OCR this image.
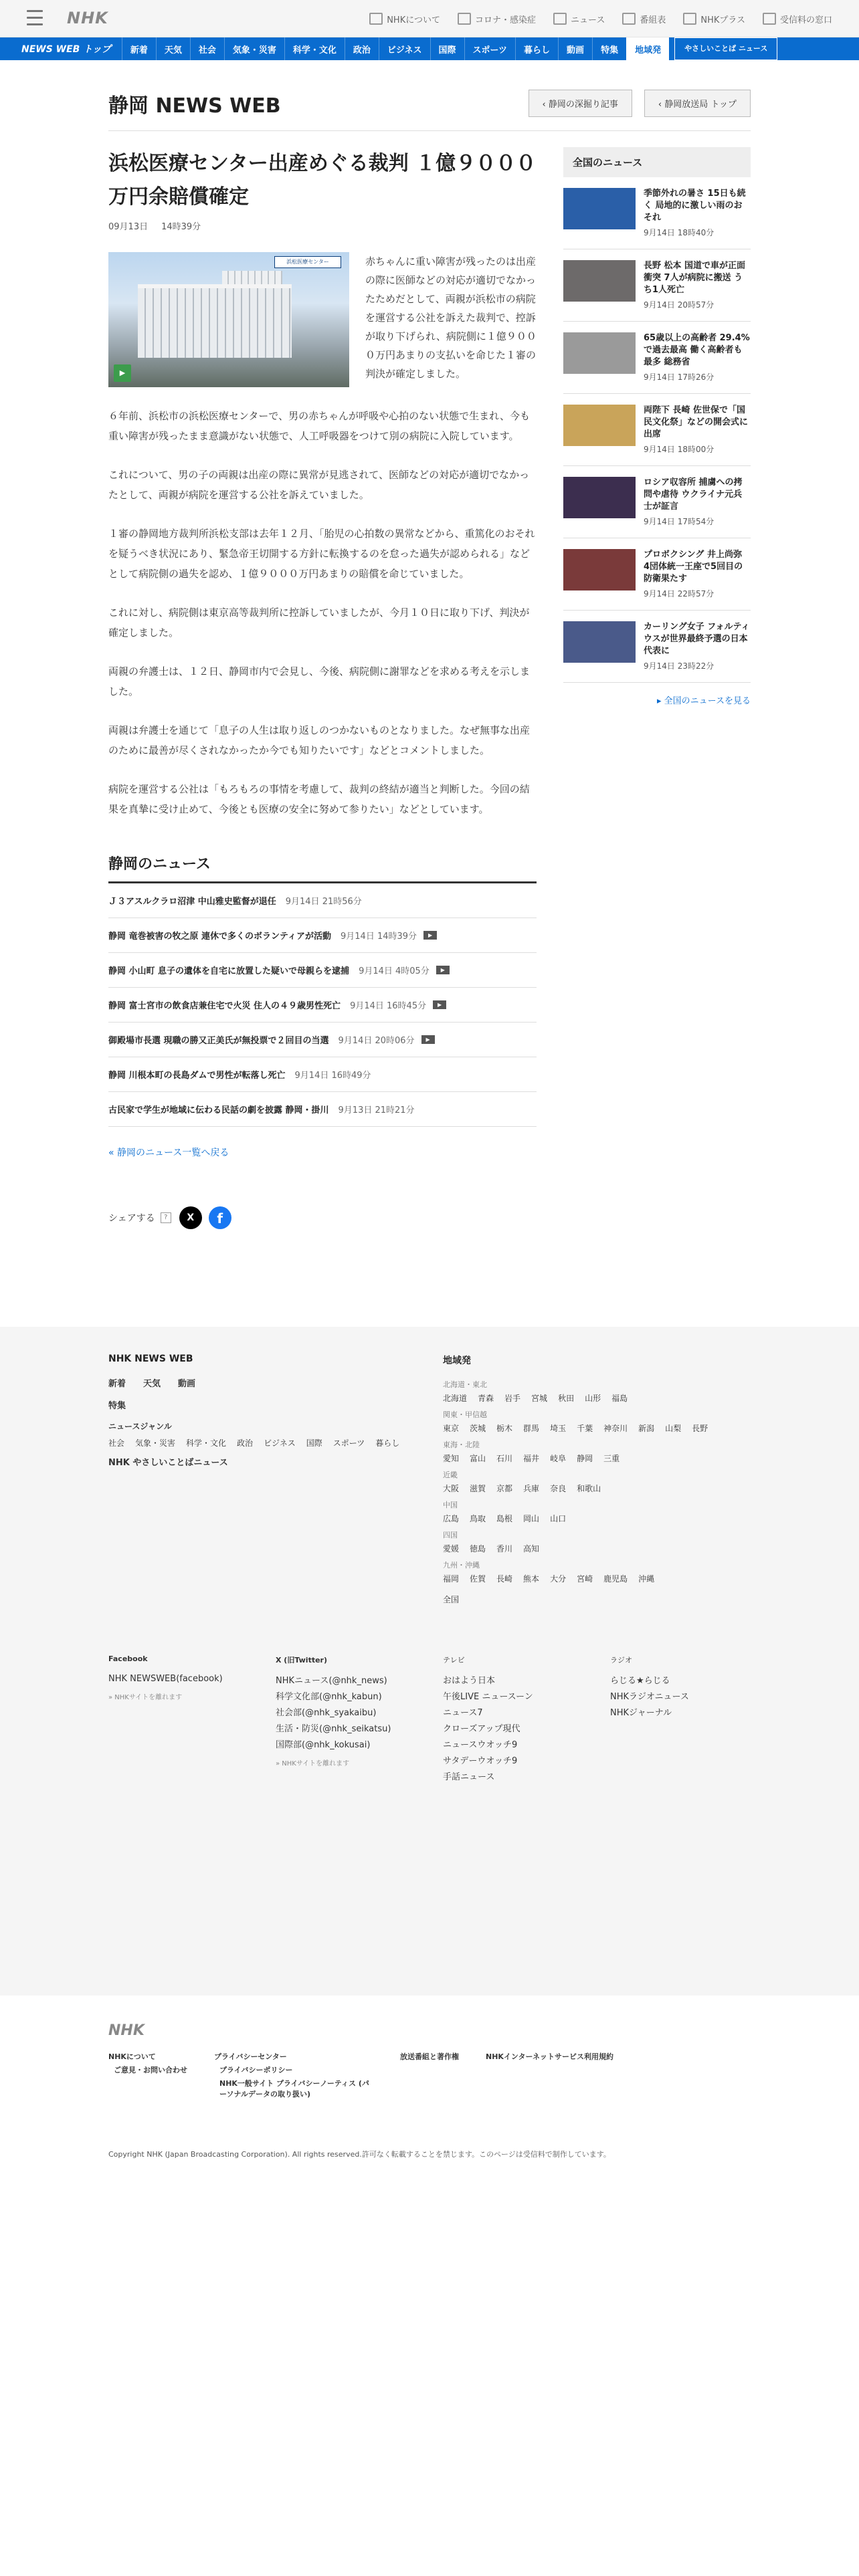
NHK	NHKについて	コロナ・感染症	ニュース	番組表	NHKプラス	受信料の窓口
NEWS WEB トップ	新着	天気	社会	気象・災害	科学・文化	政治	ビジネス	国際	スポーツ	暮らし	動画	特集	地域発	やさしいことば ニュース
静岡 NEWS WEB	‹ 静岡の深掘り記事	‹ 静岡放送局 トップ
浜松医療センター出産めぐる裁判 １億９０００万円余賠償確定
09月13日 14時39分
浜松医療センター
▶

赤ちゃんに重い障害が残ったのは出産の際に医師などの対応が適切でなかったためだとして、両親が浜松市の病院を運営する公社を訴えた裁判で、控訴が取り下げられ、病院側に１億９０００万円あまりの支払いを命じた１審の判決が確定しました。

６年前、浜松市の浜松医療センターで、男の赤ちゃんが呼吸や心拍のない状態で生まれ、今も重い障害が残ったまま意識がない状態で、人工呼吸器をつけて別の病院に入院しています。

これについて、男の子の両親は出産の際に異常が見逃されて、医師などの対応が適切でなかったとして、両親が病院を運営する公社を訴えていました。

１審の静岡地方裁判所浜松支部は去年１２月、「胎児の心拍数の異常などから、重篤化のおそれを疑うべき状況にあり、緊急帝王切開する方針に転換するのを怠った過失が認められる」などとして病院側の過失を認め、１億９０００万円あまりの賠償を命じていました。

これに対し、病院側は東京高等裁判所に控訴していましたが、今月１０日に取り下げ、判決が確定しました。

両親の弁護士は、１２日、静岡市内で会見し、今後、病院側に謝罪などを求める考えを示しました。

両親は弁護士を通じて「息子の人生は取り返しのつかないものとなりました。なぜ無事な出産のために最善が尽くされなかったか今でも知りたいです」などとコメントしました。

病院を運営する公社は「もろもろの事情を考慮して、裁判の終結が適当と判断した。今回の結果を真摯に受け止めて、今後とも医療の安全に努めて参りたい」などとしています。

静岡のニュース
Ｊ３アスルクラロ沼津 中山雅史監督が退任 9月14日 21時56分
静岡 竜巻被害の牧之原 連休で多くのボランティアが活動 9月14日 14時39分	▶
静岡 小山町 息子の遺体を自宅に放置した疑いで母親らを逮捕 9月14日 4時05分	▶
静岡 富士宮市の飲食店兼住宅で火災 住人の４９歳男性死亡 9月14日 16時45分	▶
御殿場市長選 現職の勝又正美氏が無投票で２回目の当選 9月14日 20時06分	▶
静岡 川根本町の長島ダムで男性が転落し死亡 9月14日 16時49分
古民家で学生が地域に伝わる民話の劇を披露 静岡・掛川 9月13日 21時21分
« 静岡のニュース一覧へ戻る
シェアする	?	X	f
全国のニュース
季節外れの暑さ 15日も続く 局地的に激しい雨のおそれ
9月14日 18時40分
長野 松本 国道で車が正面衝突 7人が病院に搬送 うち1人死亡
9月14日 20時57分
65歳以上の高齢者 29.4%で過去最高 働く高齢者も最多 総務省
9月14日 17時26分
両陛下 長崎 佐世保で「国民文化祭」などの開会式に出席
9月14日 18時00分
ロシア収容所 捕虜への拷問や虐待 ウクライナ元兵士が証言
9月14日 17時54分
プロボクシング 井上尚弥 4団体統一王座で5回目の防衛果たす
9月14日 22時57分
カーリング女子 フォルティウスが世界最終予選の日本代表に
9月14日 23時22分
▸ 全国のニュースを見る
NHK NEWS WEB
新着 天気 動画
特集
ニュースジャンル
社会 気象・災害 科学・文化 政治 ビジネス 国際 スポーツ 暮らし
NHK やさしいことばニュース
地域発
北海道・東北
北海道 青森 岩手 宮城 秋田 山形 福島
関東・甲信越
東京 茨城 栃木 群馬 埼玉 千葉 神奈川 新潟 山梨 長野
東海・北陸
愛知 富山 石川 福井 岐阜 静岡 三重
近畿
大阪 滋賀 京都 兵庫 奈良 和歌山
中国
広島 鳥取 島根 岡山 山口
四国
愛媛 徳島 香川 高知
九州・沖縄
福岡 佐賀 長崎 熊本 大分 宮崎 鹿児島 沖縄
全国
Facebook
NHK NEWSWEB(facebook)
» NHKサイトを離れます
X (旧Twitter)
NHKニュース(@nhk_news)
科学文化部(@nhk_kabun)
社会部(@nhk_syakaibu)
生活・防災(@nhk_seikatsu)
国際部(@nhk_kokusai)
» NHKサイトを離れます
テレビ
おはよう日本
午後LIVE ニュースーン
ニュース7
クローズアップ現代
ニュースウオッチ9
サタデーウオッチ9
手話ニュース
ラジオ
らじる★らじる
NHKラジオニュース
NHKジャーナル
NHK
NHKについて
ご意見・お問い合わせ
プライバシーセンター
プライバシーポリシー
NHK一般サイト プライバシーノーティス (パーソナルデータの取り扱い)
放送番組と著作権	NHKインターネットサービス利用規約
Copyright NHK (Japan Broadcasting Corporation). All rights reserved.許可なく転載することを禁じます。このページは受信料で制作しています。
